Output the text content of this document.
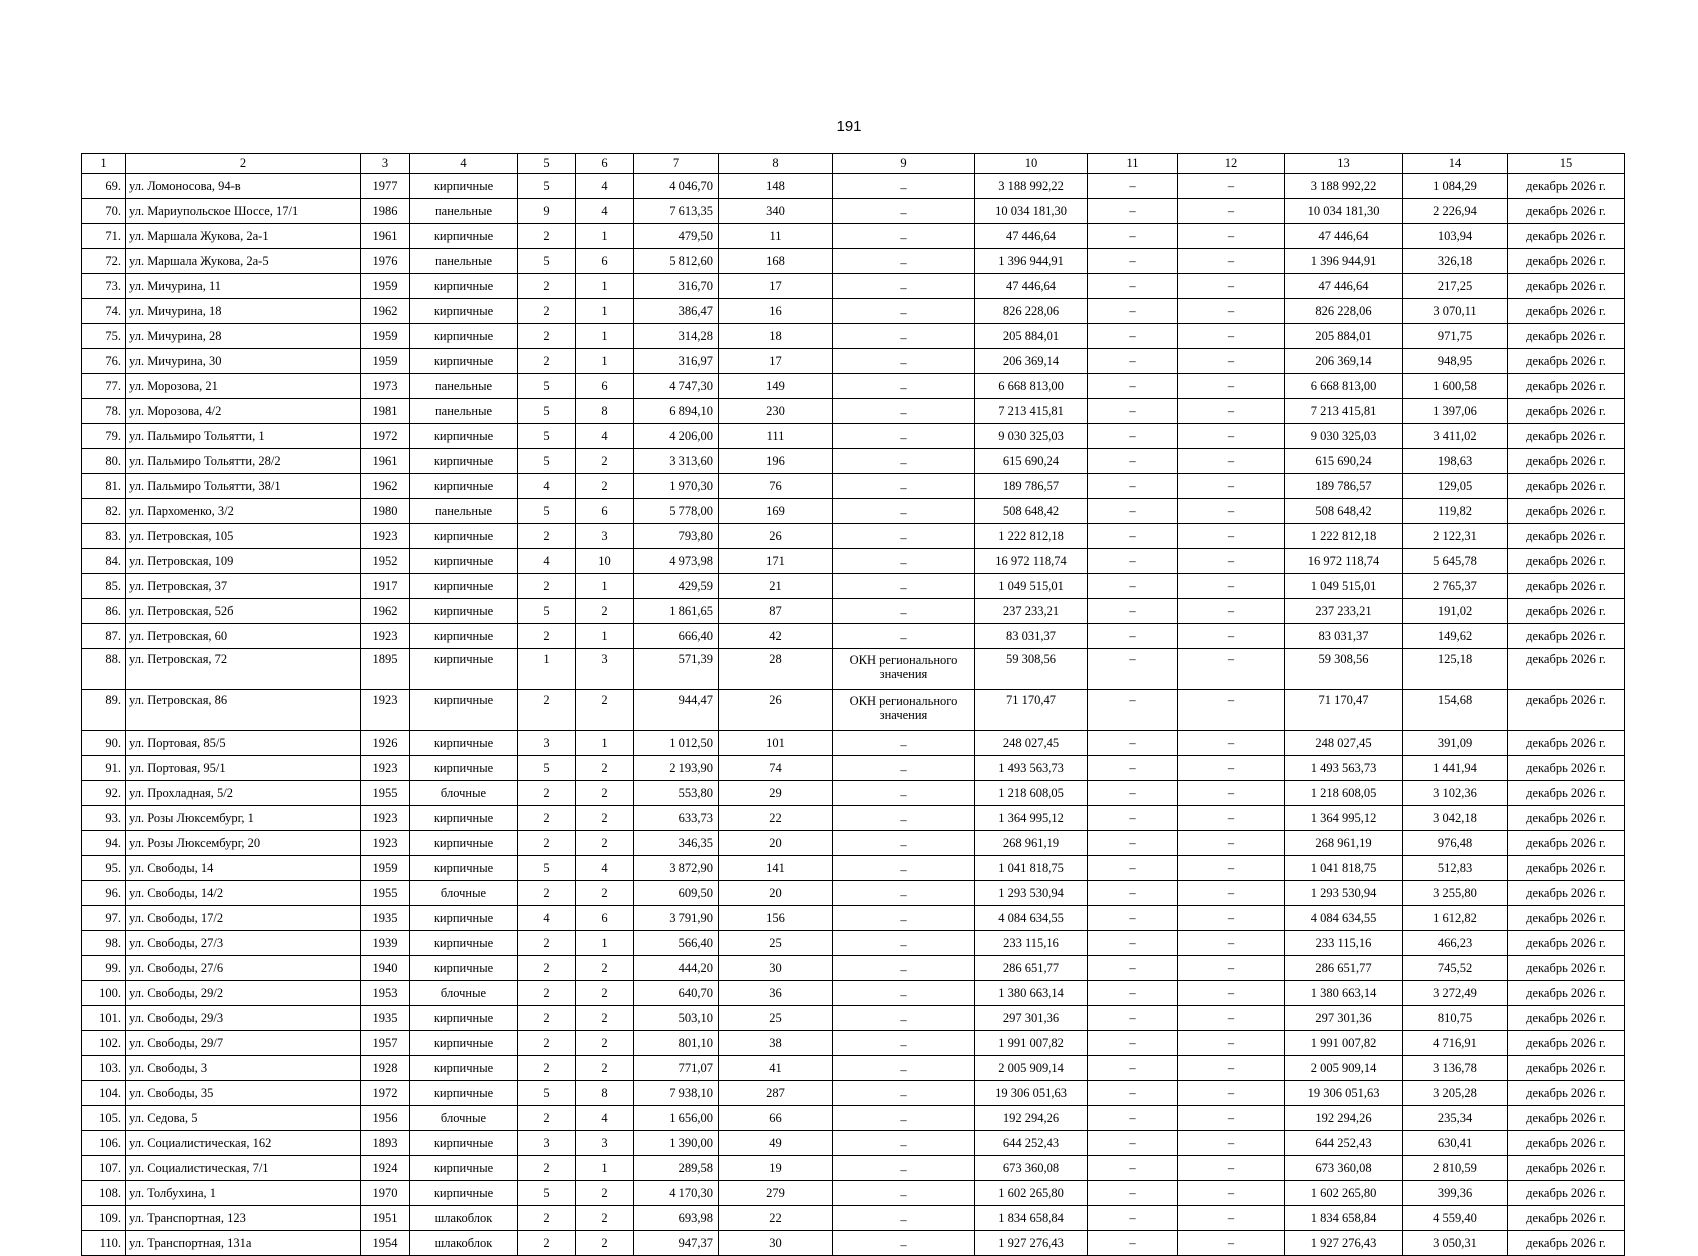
191
1	2	3	4	5	6	7	8	9	10	11	12	13	14	15
69.	ул. Ломоносова, 94-в	1977	кирпичные	5	4	4 046,70	148	–	3 188 992,22	–	–	3 188 992,22	1 084,29	декабрь 2026 г.
70.	ул. Мариупольское Шоссе, 17/1	1986	панельные	9	4	7 613,35	340	–	10 034 181,30	–	–	10 034 181,30	2 226,94	декабрь 2026 г.
71.	ул. Маршала Жукова, 2а-1	1961	кирпичные	2	1	479,50	11	–	47 446,64	–	–	47 446,64	103,94	декабрь 2026 г.
72.	ул. Маршала Жукова, 2а-5	1976	панельные	5	6	5 812,60	168	–	1 396 944,91	–	–	1 396 944,91	326,18	декабрь 2026 г.
73.	ул. Мичурина, 11	1959	кирпичные	2	1	316,70	17	–	47 446,64	–	–	47 446,64	217,25	декабрь 2026 г.
74.	ул. Мичурина, 18	1962	кирпичные	2	1	386,47	16	–	826 228,06	–	–	826 228,06	3 070,11	декабрь 2026 г.
75.	ул. Мичурина, 28	1959	кирпичные	2	1	314,28	18	–	205 884,01	–	–	205 884,01	971,75	декабрь 2026 г.
76.	ул. Мичурина, 30	1959	кирпичные	2	1	316,97	17	–	206 369,14	–	–	206 369,14	948,95	декабрь 2026 г.
77.	ул. Морозова, 21	1973	панельные	5	6	4 747,30	149	–	6 668 813,00	–	–	6 668 813,00	1 600,58	декабрь 2026 г.
78.	ул. Морозова, 4/2	1981	панельные	5	8	6 894,10	230	–	7 213 415,81	–	–	7 213 415,81	1 397,06	декабрь 2026 г.
79.	ул. Пальмиро Тольятти, 1	1972	кирпичные	5	4	4 206,00	111	–	9 030 325,03	–	–	9 030 325,03	3 411,02	декабрь 2026 г.
80.	ул. Пальмиро Тольятти, 28/2	1961	кирпичные	5	2	3 313,60	196	–	615 690,24	–	–	615 690,24	198,63	декабрь 2026 г.
81.	ул. Пальмиро Тольятти, 38/1	1962	кирпичные	4	2	1 970,30	76	–	189 786,57	–	–	189 786,57	129,05	декабрь 2026 г.
82.	ул. Пархоменко, 3/2	1980	панельные	5	6	5 778,00	169	–	508 648,42	–	–	508 648,42	119,82	декабрь 2026 г.
83.	ул. Петровская, 105	1923	кирпичные	2	3	793,80	26	–	1 222 812,18	–	–	1 222 812,18	2 122,31	декабрь 2026 г.
84.	ул. Петровская, 109	1952	кирпичные	4	10	4 973,98	171	–	16 972 118,74	–	–	16 972 118,74	5 645,78	декабрь 2026 г.
85.	ул. Петровская, 37	1917	кирпичные	2	1	429,59	21	–	1 049 515,01	–	–	1 049 515,01	2 765,37	декабрь 2026 г.
86.	ул. Петровская, 52б	1962	кирпичные	5	2	1 861,65	87	–	237 233,21	–	–	237 233,21	191,02	декабрь 2026 г.
87.	ул. Петровская, 60	1923	кирпичные	2	1	666,40	42	–	83 031,37	–	–	83 031,37	149,62	декабрь 2026 г.
88.	ул. Петровская, 72	1895	кирпичные	1	3	571,39	28	ОКН регионального значения	59 308,56	–	–	59 308,56	125,18	декабрь 2026 г.
89.	ул. Петровская, 86	1923	кирпичные	2	2	944,47	26	ОКН регионального значения	71 170,47	–	–	71 170,47	154,68	декабрь 2026 г.
90.	ул. Портовая, 85/5	1926	кирпичные	3	1	1 012,50	101	–	248 027,45	–	–	248 027,45	391,09	декабрь 2026 г.
91.	ул. Портовая, 95/1	1923	кирпичные	5	2	2 193,90	74	–	1 493 563,73	–	–	1 493 563,73	1 441,94	декабрь 2026 г.
92.	ул. Прохладная, 5/2	1955	блочные	2	2	553,80	29	–	1 218 608,05	–	–	1 218 608,05	3 102,36	декабрь 2026 г.
93.	ул. Розы Люксембург, 1	1923	кирпичные	2	2	633,73	22	–	1 364 995,12	–	–	1 364 995,12	3 042,18	декабрь 2026 г.
94.	ул. Розы Люксембург, 20	1923	кирпичные	2	2	346,35	20	–	268 961,19	–	–	268 961,19	976,48	декабрь 2026 г.
95.	ул. Свободы, 14	1959	кирпичные	5	4	3 872,90	141	–	1 041 818,75	–	–	1 041 818,75	512,83	декабрь 2026 г.
96.	ул. Свободы, 14/2	1955	блочные	2	2	609,50	20	–	1 293 530,94	–	–	1 293 530,94	3 255,80	декабрь 2026 г.
97.	ул. Свободы, 17/2	1935	кирпичные	4	6	3 791,90	156	–	4 084 634,55	–	–	4 084 634,55	1 612,82	декабрь 2026 г.
98.	ул. Свободы, 27/3	1939	кирпичные	2	1	566,40	25	–	233 115,16	–	–	233 115,16	466,23	декабрь 2026 г.
99.	ул. Свободы, 27/6	1940	кирпичные	2	2	444,20	30	–	286 651,77	–	–	286 651,77	745,52	декабрь 2026 г.
100.	ул. Свободы, 29/2	1953	блочные	2	2	640,70	36	–	1 380 663,14	–	–	1 380 663,14	3 272,49	декабрь 2026 г.
101.	ул. Свободы, 29/3	1935	кирпичные	2	2	503,10	25	–	297 301,36	–	–	297 301,36	810,75	декабрь 2026 г.
102.	ул. Свободы, 29/7	1957	кирпичные	2	2	801,10	38	–	1 991 007,82	–	–	1 991 007,82	4 716,91	декабрь 2026 г.
103.	ул. Свободы, 3	1928	кирпичные	2	2	771,07	41	–	2 005 909,14	–	–	2 005 909,14	3 136,78	декабрь 2026 г.
104.	ул. Свободы, 35	1972	кирпичные	5	8	7 938,10	287	–	19 306 051,63	–	–	19 306 051,63	3 205,28	декабрь 2026 г.
105.	ул. Седова, 5	1956	блочные	2	4	1 656,00	66	–	192 294,26	–	–	192 294,26	235,34	декабрь 2026 г.
106.	ул. Социалистическая, 162	1893	кирпичные	3	3	1 390,00	49	–	644 252,43	–	–	644 252,43	630,41	декабрь 2026 г.
107.	ул. Социалистическая, 7/1	1924	кирпичные	2	1	289,58	19	–	673 360,08	–	–	673 360,08	2 810,59	декабрь 2026 г.
108.	ул. Толбухина, 1	1970	кирпичные	5	2	4 170,30	279	–	1 602 265,80	–	–	1 602 265,80	399,36	декабрь 2026 г.
109.	ул. Транспортная, 123	1951	шлакоблок	2	2	693,98	22	–	1 834 658,84	–	–	1 834 658,84	4 559,40	декабрь 2026 г.
110.	ул. Транспортная, 131а	1954	шлакоблок	2	2	947,37	30	–	1 927 276,43	–	–	1 927 276,43	3 050,31	декабрь 2026 г.
